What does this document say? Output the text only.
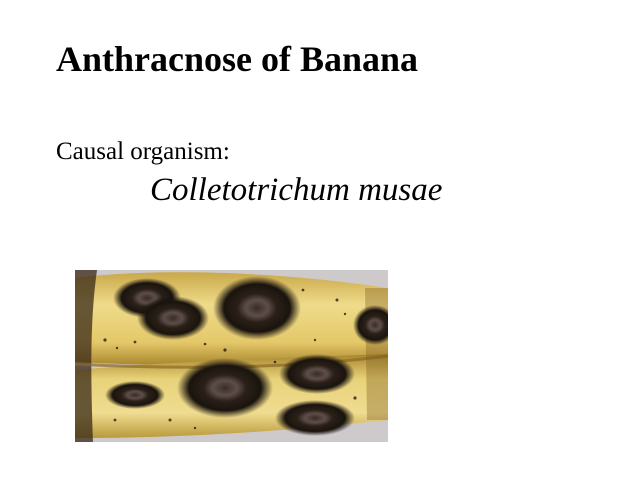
Anthracnose of Banana
Causal organism:
Colletotrichum musae
